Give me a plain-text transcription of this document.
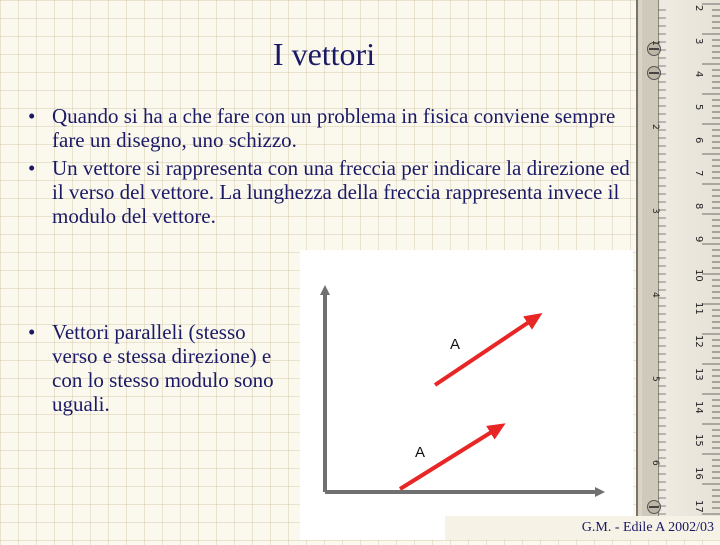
I vettori
• Quando si ha a che fare con un problema in fisica conviene sempre fare un disegno, uno schizzo.
• Un vettore si rappresenta con una freccia per indicare la direzione ed il verso del vettore. La lunghezza della freccia rappresenta invece il modulo del vettore.
• Vettori paralleli (stesso verso e stessa direzione) e con lo stesso modulo sono uguali.
A
A
2
3
4
5
6
7
8
9
10
11
12
13
14
15
16
17
1
2
3
4
5
6
G.M. - Edile A 2002/03
